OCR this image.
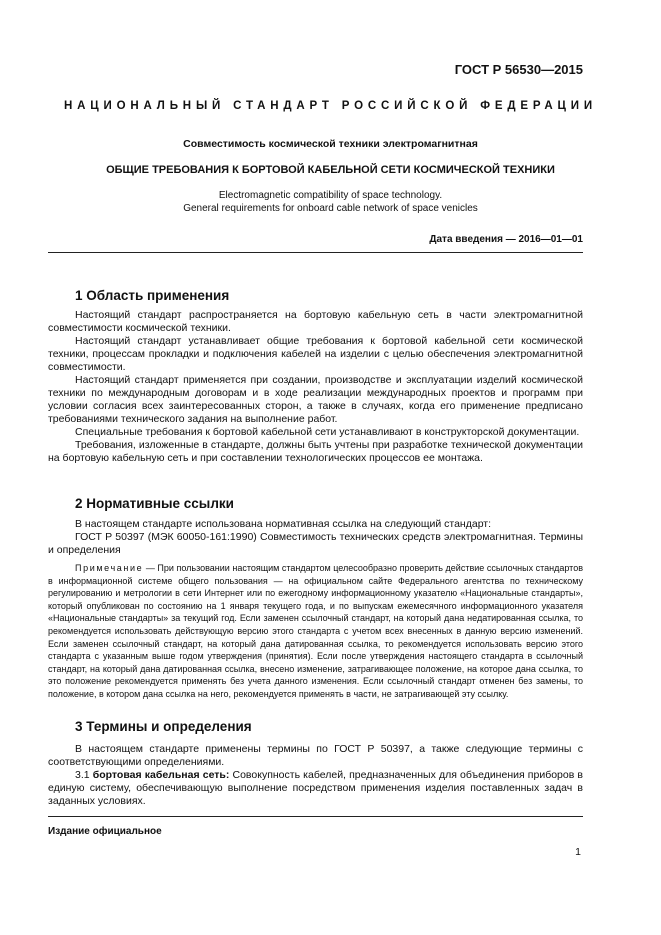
ГОСТ Р 56530—2015
НАЦИОНАЛЬНЫЙ СТАНДАРТ РОССИЙСКОЙ ФЕДЕРАЦИИ
Совместимость космической техники электромагнитная
ОБЩИЕ ТРЕБОВАНИЯ К БОРТОВОЙ КАБЕЛЬНОЙ СЕТИ КОСМИЧЕСКОЙ ТЕХНИКИ
Electromagnetic compatibility of space technology.
General requirements for onboard cable network of space venicles
Дата введения — 2016—01—01
1 Область применения
Настоящий стандарт распространяется на бортовую кабельную сеть в части электромагнитной совместимости космической техники.
Настоящий стандарт устанавливает общие требования к бортовой кабельной сети космической техники, процессам прокладки и подключения кабелей на изделии с целью обеспечения электромагнитной совместимости.
Настоящий стандарт применяется при создании, производстве и эксплуатации изделий космической техники по международным договорам и в ходе реализации международных проектов и программ при условии согласия всех заинтересованных сторон, а также в случаях, когда его применение предписано требованиями технического задания на выполнение работ.
Специальные требования к бортовой кабельной сети устанавливают в конструкторской документации.
Требования, изложенные в стандарте, должны быть учтены при разработке технической документации на бортовую кабельную сеть и при составлении технологических процессов ее монтажа.
2 Нормативные ссылки
В настоящем стандарте использована нормативная ссылка на следующий стандарт:
ГОСТ Р 50397 (МЭК 60050-161:1990) Совместимость технических средств электромагнитная. Термины и определения
Примечание — При пользовании настоящим стандартом целесообразно проверить действие ссылочных стандартов в информационной системе общего пользования — на официальном сайте Федерального агентства по техническому регулированию и метрологии в сети Интернет или по ежегодному информационному указателю «Национальные стандарты», который опубликован по состоянию на 1 января текущего года, и по выпускам ежемесячного информационного указателя «Национальные стандарты» за текущий год. Если заменен ссылочный стандарт, на который дана недатированная ссылка, то рекомендуется использовать действующую версию этого стандарта с учетом всех внесенных в данную версию изменений. Если заменен ссылочный стандарт, на который дана датированная ссылка, то рекомендуется использовать версию этого стандарта с указанным выше годом утверждения (принятия). Если после утверждения настоящего стандарта в ссылочный стандарт, на который дана датированная ссылка, внесено изменение, затрагивающее положение, на которое дана ссылка, то это положение рекомендуется применять без учета данного изменения. Если ссылочный стандарт отменен без замены, то положение, в котором дана ссылка на него, рекомендуется применять в части, не затрагивающей эту ссылку.
3 Термины и определения
В настоящем стандарте применены термины по ГОСТ Р 50397, а также следующие термины с соответствующими определениями.
3.1 бортовая кабельная сеть: Совокупность кабелей, предназначенных для объединения приборов в единую систему, обеспечивающую выполнение посредством применения изделия поставленных задач в заданных условиях.
Издание официальное
1
